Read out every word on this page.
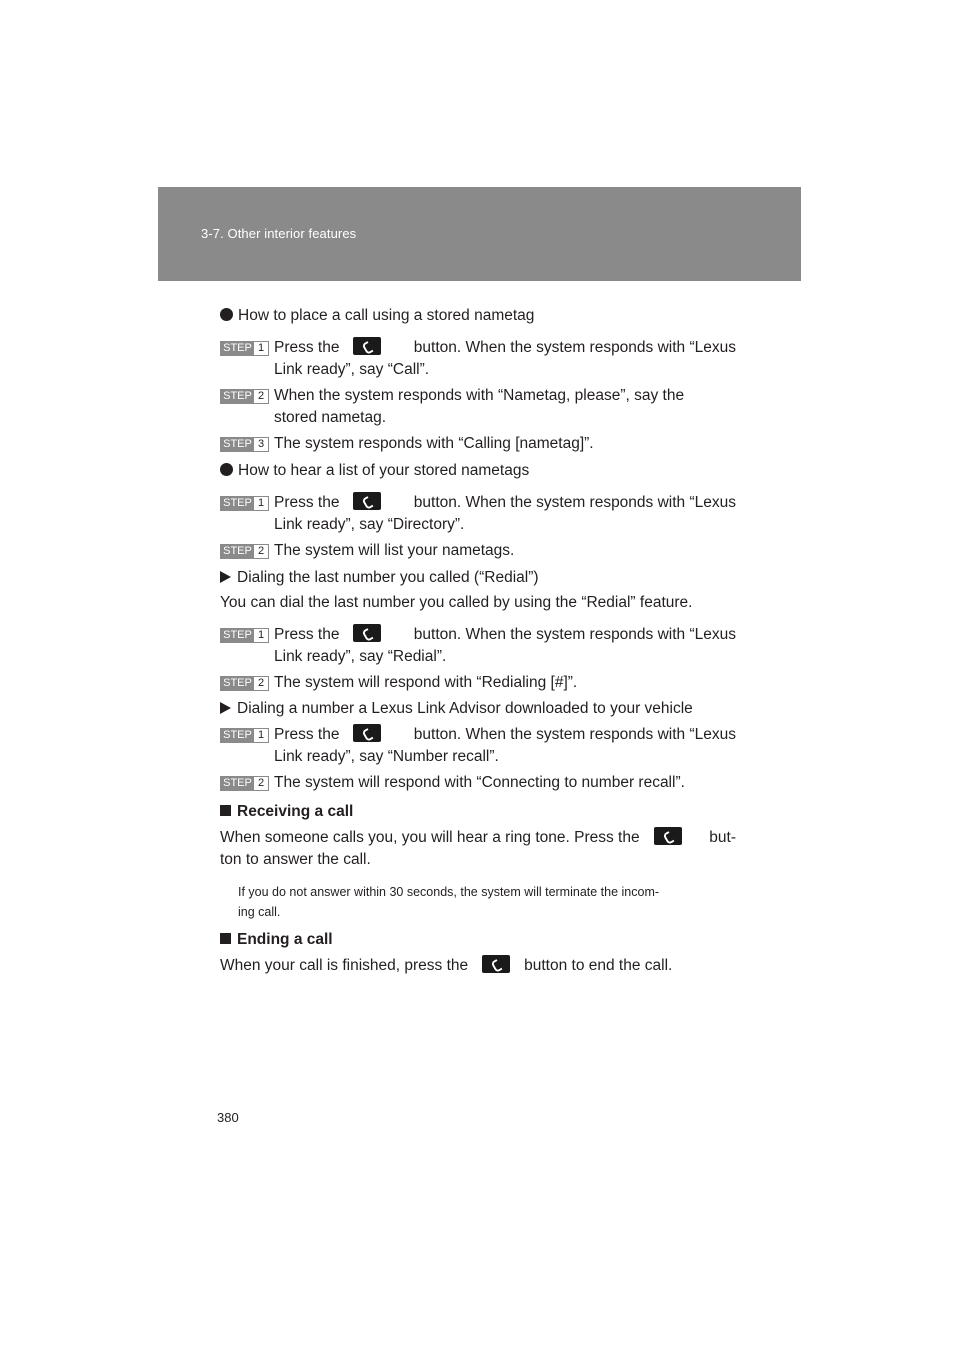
3-7. Other interior features
How to place a call using a stored nametag
STEP 1 Press the	button. When the system responds with “Lexus
Link ready”, say “Call”.
STEP 2 When the system responds with “Nametag, please”, say the
stored nametag.
STEP 3 The system responds with “Calling [nametag]”.
How to hear a list of your stored nametags
STEP 1 Press the	button. When the system responds with “Lexus
Link ready”, say “Directory”.
STEP 2 The system will list your nametags.
Dialing the last number you called (“Redial”)
You can dial the last number you called by using the “Redial” feature.
STEP 1 Press the	button. When the system responds with “Lexus
Link ready”, say “Redial”.
STEP 2 The system will respond with “Redialing [#]”.
Dialing a number a Lexus Link Advisor downloaded to your vehicle
STEP 1 Press the	button. When the system responds with “Lexus
Link ready”, say “Number recall”.
STEP 2 The system will respond with “Connecting to number recall”.
Receiving a call
When someone calls you, you will hear a ring tone. Press the	but-
ton to answer the call.
If you do not answer within 30 seconds, the system will terminate the incom-
ing call.
Ending a call
When your call is finished, press the	button to end the call.
380
